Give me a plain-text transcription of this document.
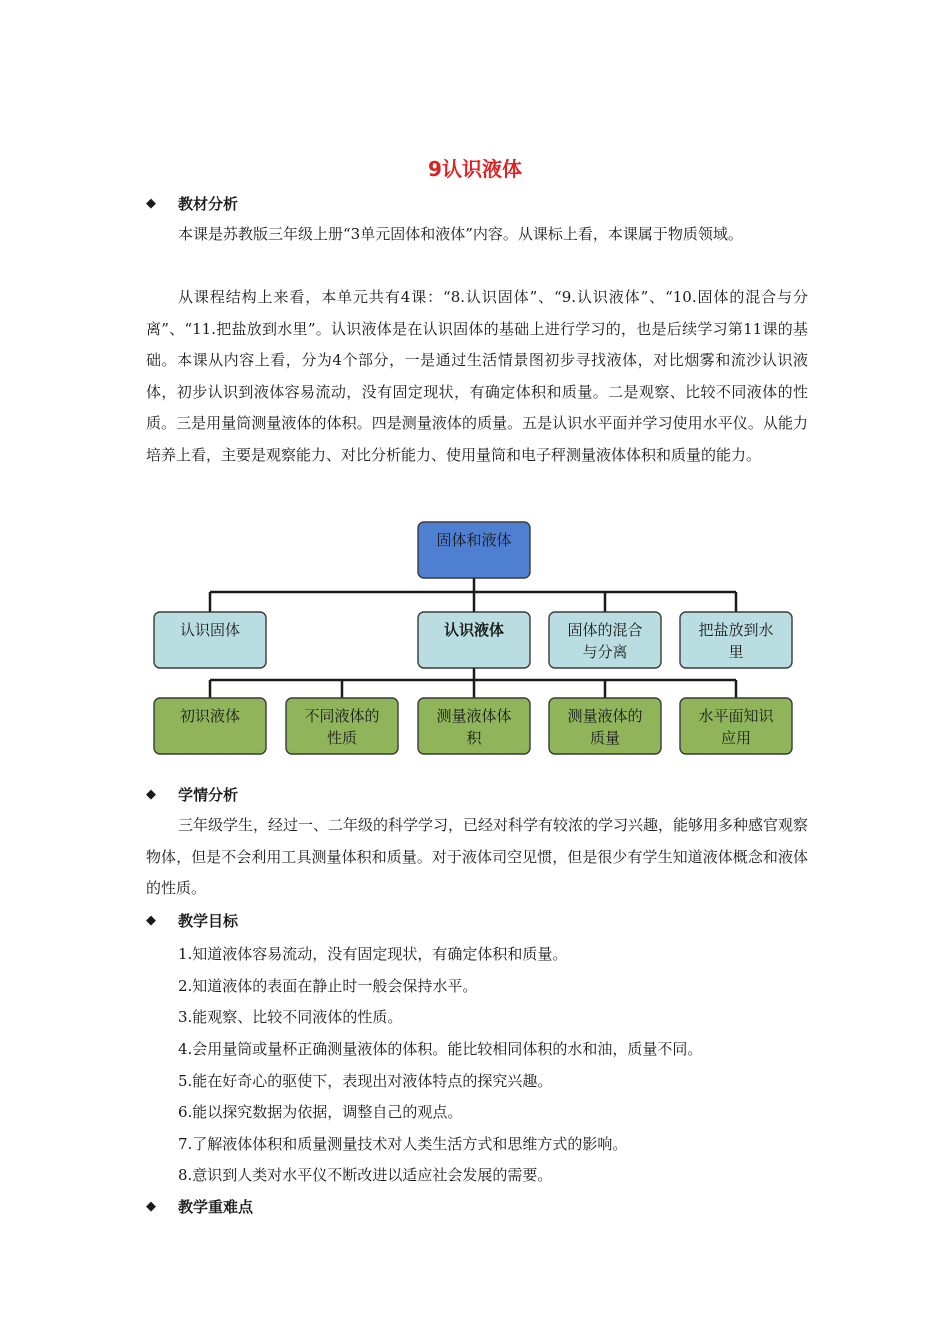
9认识液体
◆	教材分析

本课是苏教版三年级上册“3单元固体和液体”内容。从课标上看，本课属于物质领域。

从课程结构上来看，本单元共有4课：“8.认识固体”、“9.认识液体”、“10.固体的混合与分离”、“11.把盐放到水里”。认识液体是在认识固体的基础上进行学习的，也是后续学习第11课的基础。本课从内容上看，分为4个部分，一是通过生活情景图初步寻找液体，对比烟雾和流沙认识液体，初步认识到液体容易流动，没有固定现状，有确定体积和质量。二是观察、比较不同液体的性质。三是用量筒测量液体的体积。四是测量液体的质量。五是认识水平面并学习使用水平仪。从能力培养上看，主要是观察能力、对比分析能力、使用量筒和电子秤测量液体体积和质量的能力。

固体和液体
认识固体	认识液体	固体的混合
与分离
把盐放到水
里
初识液体	不同液体的
性质
测量液体体
积
测量液体的
质量
水平面知识
应用
◆	学情分析

三年级学生，经过一、二年级的科学学习，已经对科学有较浓的学习兴趣，能够用多种感官观察物体，但是不会利用工具测量体积和质量。对于液体司空见惯，但是很少有学生知道液体概念和液体的性质。

◆	教学目标
1.知道液体容易流动，没有固定现状，有确定体积和质量。
2.知道液体的表面在静止时一般会保持水平。
3.能观察、比较不同液体的性质。
4.会用量筒或量杯正确测量液体的体积。能比较相同体积的水和油，质量不同。
5.能在好奇心的驱使下，表现出对液体特点的探究兴趣。
6.能以探究数据为依据，调整自己的观点。
7.了解液体体积和质量测量技术对人类生活方式和思维方式的影响。
8.意识到人类对水平仪不断改进以适应社会发展的需要。
◆	教学重难点
